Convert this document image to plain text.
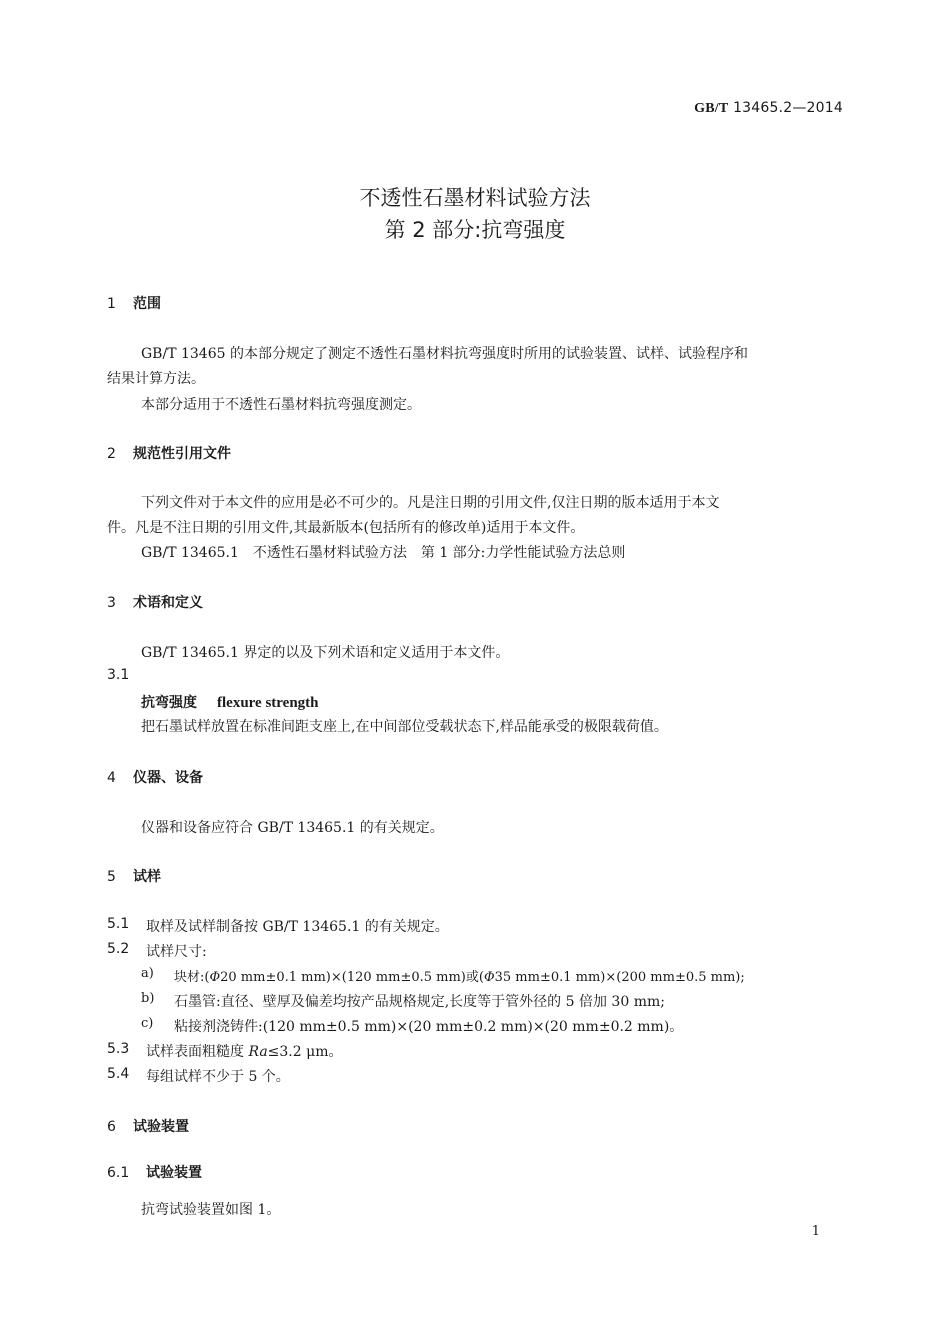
GB/T 13465.2—2014
不透性石墨材料试验方法
第 2 部分:抗弯强度
1 范围
GB/T 13465 的本部分规定了测定不透性石墨材料抗弯强度时所用的试验装置、试样、试验程序和
结果计算方法。
本部分适用于不透性石墨材料抗弯强度测定。
2 规范性引用文件
下列文件对于本文件的应用是必不可少的。凡是注日期的引用文件,仅注日期的版本适用于本文
件。凡是不注日期的引用文件,其最新版本(包括所有的修改单)适用于本文件。
GB/T 13465.1　不透性石墨材料试验方法　第 1 部分:力学性能试验方法总则
3 术语和定义
GB/T 13465.1 界定的以及下列术语和定义适用于本文件。
3.1
抗弯强度 flexure strength
把石墨试样放置在标准间距支座上,在中间部位受载状态下,样品能承受的极限载荷值。
4 仪器、设备
仪器和设备应符合 GB/T 13465.1 的有关规定。
5 试样
5.1 取样及试样制备按 GB/T 13465.1 的有关规定。
5.2 试样尺寸:
a) 块材:(Φ20 mm±0.1 mm)×(120 mm±0.5 mm)或(Φ35 mm±0.1 mm)×(200 mm±0.5 mm);
b) 石墨管:直径、壁厚及偏差均按产品规格规定,长度等于管外径的 5 倍加 30 mm;
c) 粘接剂浇铸件:(120 mm±0.5 mm)×(20 mm±0.2 mm)×(20 mm±0.2 mm)。
5.3 试样表面粗糙度 Ra≤3.2 μm。
5.4 每组试样不少于 5 个。
6 试验装置
6.1 试验装置
抗弯试验装置如图 1。
1
